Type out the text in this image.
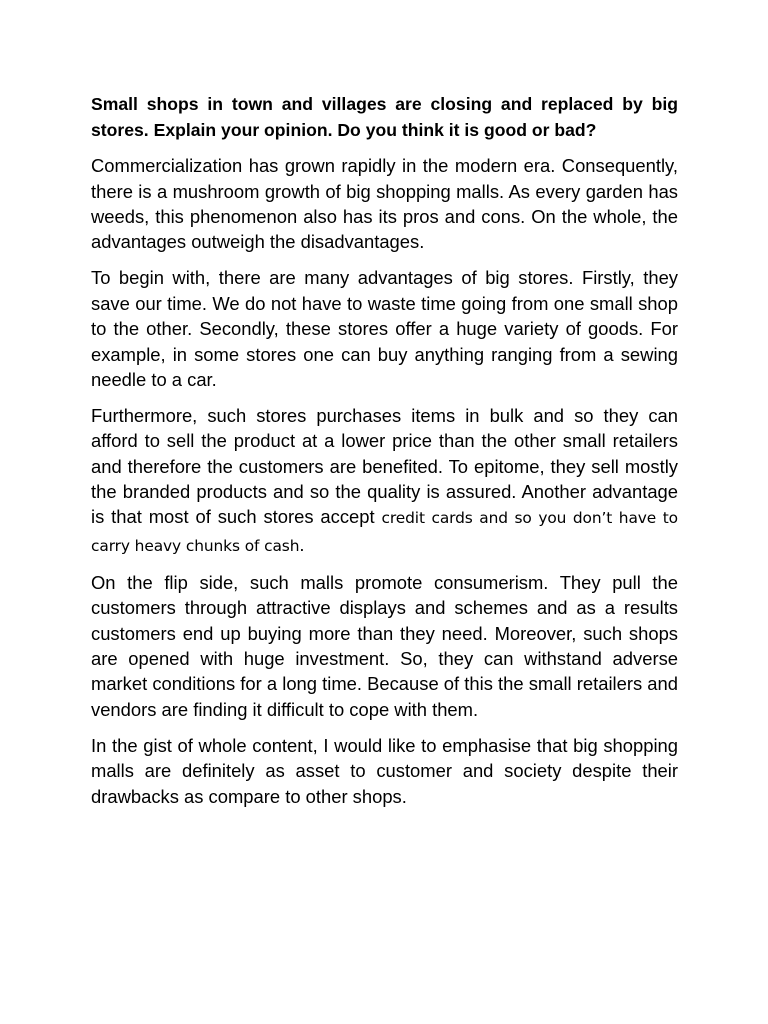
Small shops in town and villages are closing and replaced by big stores. Explain your opinion. Do you think it is good or bad?

Commercialization has grown rapidly in the modern era. Consequently, there is a mushroom growth of big shopping malls. As every garden has weeds, this phenomenon also has its pros and cons. On the whole, the advantages outweigh the disadvantages.

To begin with, there are many advantages of big stores. Firstly, they save our time. We do not have to waste time going from one small shop to the other. Secondly, these stores offer a huge variety of goods. For example, in some stores one can buy anything ranging from a sewing needle to a car.

Furthermore, such stores purchases items in bulk and so they can afford to sell the product at a lower price than the other small retailers and therefore the customers are benefited. To epitome, they sell mostly the branded products and so the quality is assured. Another advantage is that most of such stores accept credit cards and so you don’t have to carry heavy chunks of cash.

On the flip side, such malls promote consumerism. They pull the customers through attractive displays and schemes and as a results customers end up buying more than they need. Moreover, such shops are opened with huge investment. So, they can withstand adverse market conditions for a long time. Because of this the small retailers and vendors are finding it difficult to cope with them.

In the gist of whole content, I would like to emphasise that big shopping malls are definitely as asset to customer and society despite their drawbacks as compare to other shops.
